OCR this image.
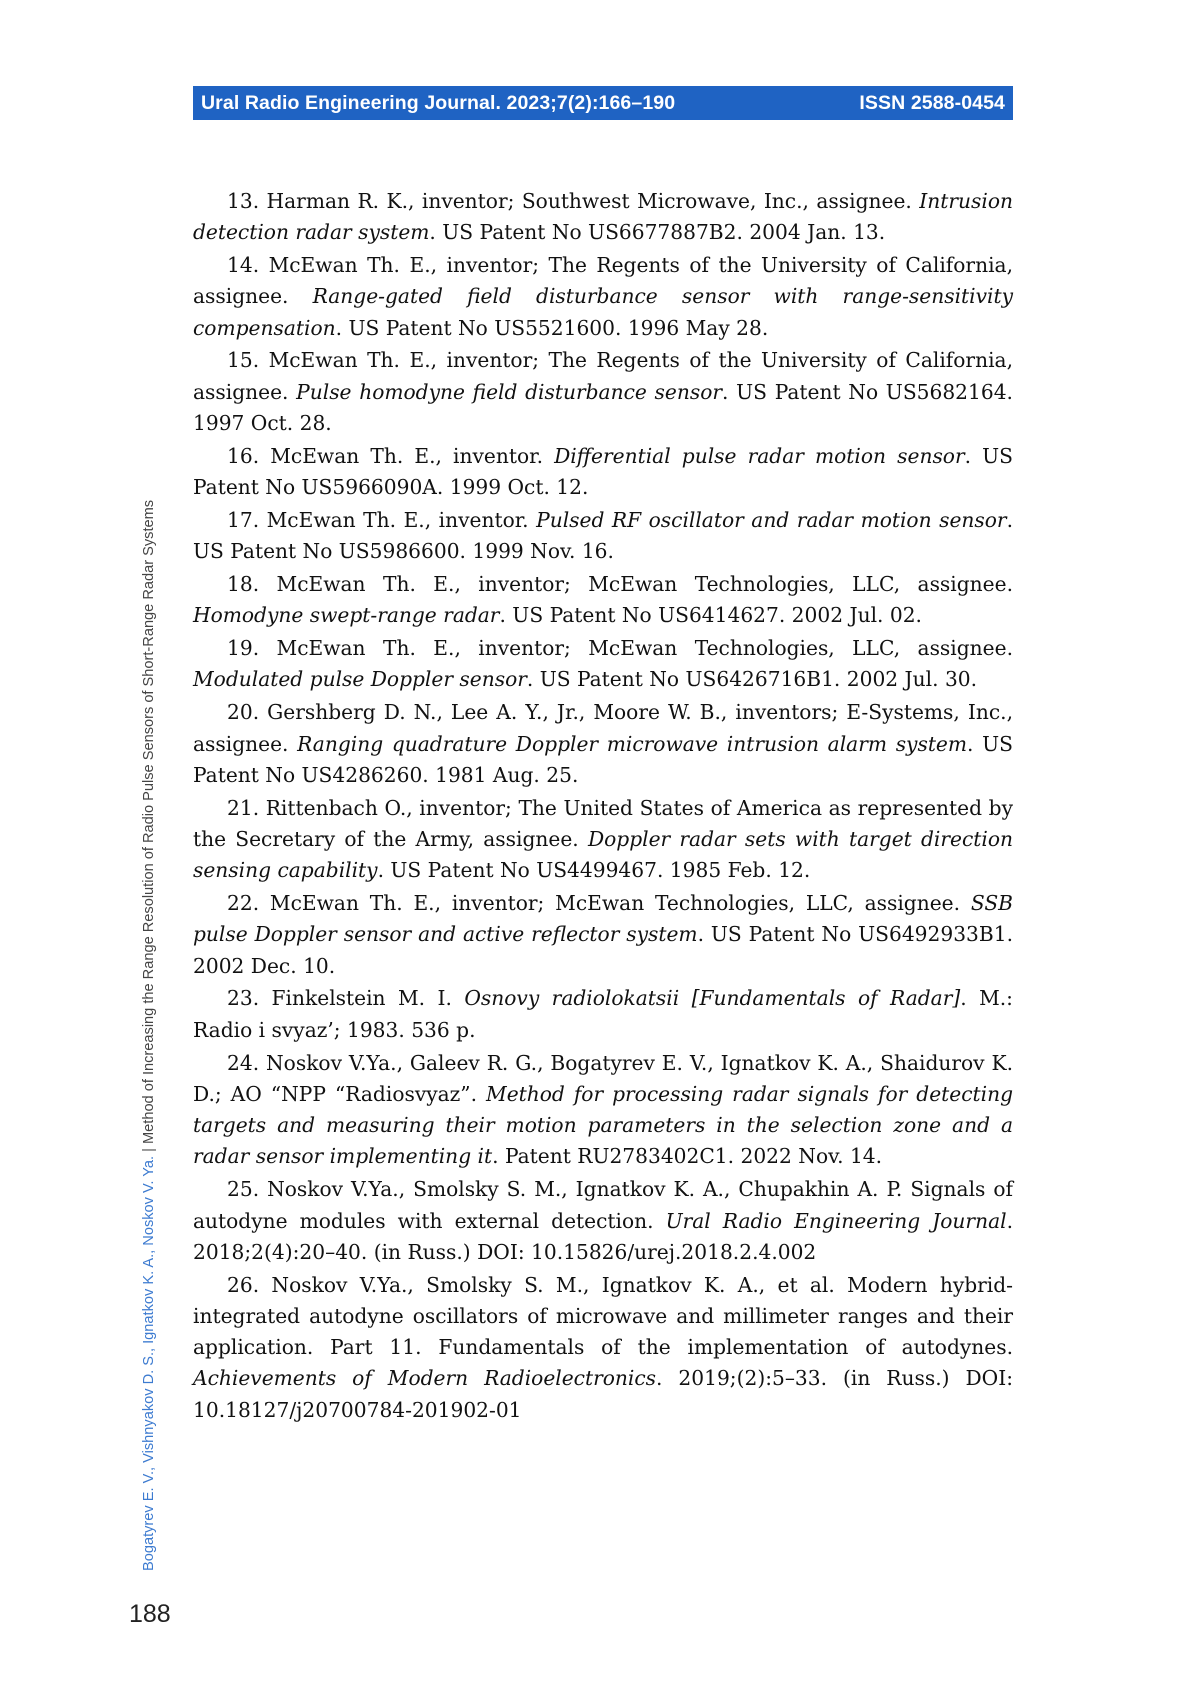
Ural Radio Engineering Journal. 2023;7(2):166–190	ISSN 2588-0454
Bogatyrev E. V., Vishnyakov D. S., Ignatkov K. A., Noskov V. Ya. | Method of Increasing the Range Resolution of Radio Pulse Sensors of Short-Range Radar Systems

13. Harman R. K., inventor; Southwest Microwave, Inc., assignee. Intrusion detection radar system. US Patent No US6677887B2. 2004 Jan. 13.

14. McEwan Th. E., inventor; The Regents of the University of California, assignee. Range-gated field disturbance sensor with range-sensitivity compensation. US Patent No US5521600. 1996 May 28.

15. McEwan Th. E., inventor; The Regents of the University of California, assignee. Pulse homodyne field disturbance sensor. US Patent No US5682164. 1997 Oct. 28.

16. McEwan Th. E., inventor. Differential pulse radar motion sensor. US Patent No US5966090A. 1999 Oct. 12.

17. McEwan Th. E., inventor. Pulsed RF oscillator and radar motion sensor. US Patent No US5986600. 1999 Nov. 16.

18. McEwan Th. E., inventor; McEwan Technologies, LLC, assignee. Homodyne swept-range radar. US Patent No US6414627. 2002 Jul. 02.

19. McEwan Th. E., inventor; McEwan Technologies, LLC, assignee. Modulated pulse Doppler sensor. US Patent No US6426716B1. 2002 Jul. 30.

20. Gershberg D. N., Lee A. Y., Jr., Moore W. B., inventors; E-Systems, Inc., assignee. Ranging quadrature Doppler microwave intrusion alarm system. US Patent No US4286260. 1981 Aug. 25.

21. Rittenbach O., inventor; The United States of America as represented by the Secretary of the Army, assignee. Doppler radar sets with target direction sensing capability. US Patent No US4499467. 1985 Feb. 12.

22. McEwan Th. E., inventor; McEwan Technologies, LLC, assignee. SSB pulse Doppler sensor and active reflector system. US Patent No US6492933B1. 2002 Dec. 10.

23. Finkelstein M. I. Osnovy radiolokatsii [Fundamentals of Radar]. M.: Radio i svyaz’; 1983. 536 p.

24. Noskov V.Ya., Galeev R. G., Bogatyrev E. V., Ignatkov K. A., Shaidurov K. D.; AO “NPP “Radiosvyaz”. Method for processing radar signals for detecting targets and measuring their motion parameters in the selection zone and a radar sensor implementing it. Patent RU2783402C1. 2022 Nov. 14.

25. Noskov V.Ya., Smolsky S. M., Ignatkov K. A., Chupakhin A. P. Signals of autodyne modules with external detection. Ural Radio Engineering Journal. 2018;2(4):20–40. (in Russ.) DOI: 10.15826/urej.2018.2.4.002

26. Noskov V.Ya., Smolsky S. M., Ignatkov K. A., et al. Modern hybrid-integrated autodyne oscillators of microwave and millimeter ranges and their application. Part 11. Fundamentals of the implementation of autodynes. Achievements of Modern Radioelectronics. 2019;(2):5–33. (in Russ.) DOI: 10.18127/j20700784-201902-01

188
